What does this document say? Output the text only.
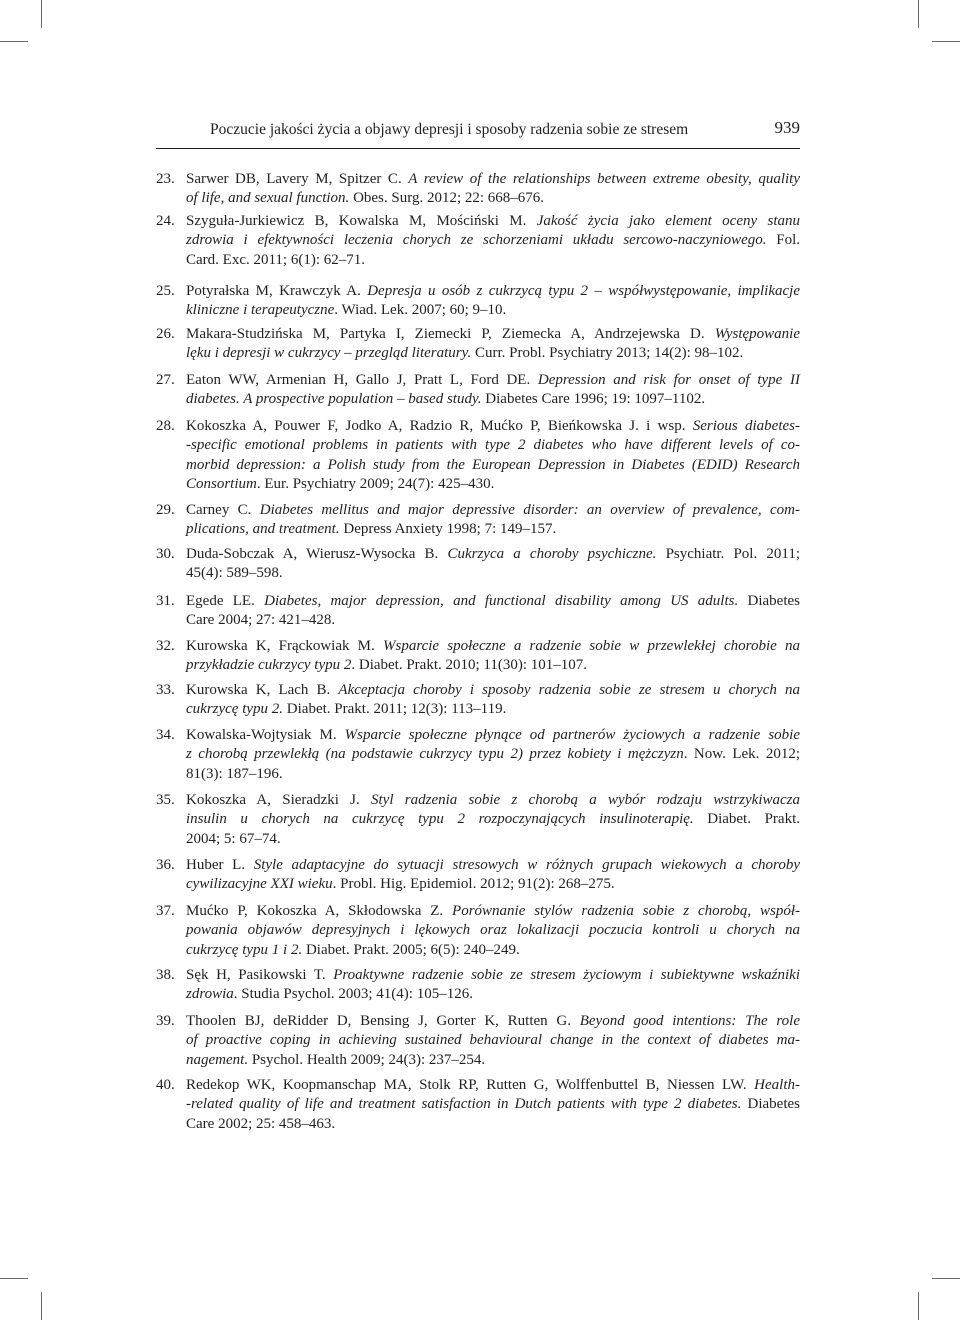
Poczucie jakości życia a objawy depresji i sposoby radzenia sobie ze stresem	939
23. Sarwer DB, Lavery M, Spitzer C. A review of the relationships between extreme obesity, quality
of life, and sexual function. Obes. Surg. 2012; 22: 668–676.
24. Szyguła-Jurkiewicz B, Kowalska M, Mościński M. Jakość życia jako element oceny stanu
zdrowia i efektywności leczenia chorych ze schorzeniami układu sercowo-naczyniowego. Fol.
Card. Exc. 2011; 6(1): 62–71.
25. Potyrałska M, Krawczyk A. Depresja u osób z cukrzycą typu 2 – współwystępowanie, implikacje
kliniczne i terapeutyczne. Wiad. Lek. 2007; 60; 9–10.
26. Makara-Studzińska M, Partyka I, Ziemecki P, Ziemecka A, Andrzejewska D. Występowanie
lęku i depresji w cukrzycy – przegląd literatury. Curr. Probl. Psychiatry 2013; 14(2): 98–102.
27. Eaton WW, Armenian H, Gallo J, Pratt L, Ford DE. Depression and risk for onset of type II
diabetes. A prospective population – based study. Diabetes Care 1996; 19: 1097–1102.
28. Kokoszka A, Pouwer F, Jodko A, Radzio R, Mućko P, Bieńkowska J. i wsp. Serious diabetes-
-specific emotional problems in patients with type 2 diabetes who have different levels of co-
morbid depression: a Polish study from the European Depression in Diabetes (EDID) Research
Consortium. Eur. Psychiatry 2009; 24(7): 425–430.
29. Carney C. Diabetes mellitus and major depressive disorder: an overview of prevalence, com-
plications, and treatment. Depress Anxiety 1998; 7: 149–157.
30. Duda-Sobczak A, Wierusz-Wysocka B. Cukrzyca a choroby psychiczne. Psychiatr. Pol. 2011;
45(4): 589–598.
31. Egede LE. Diabetes, major depression, and functional disability among US adults. Diabetes
Care 2004; 27: 421–428.
32. Kurowska K, Frąckowiak M. Wsparcie społeczne a radzenie sobie w przewlekłej chorobie na
przykładzie cukrzycy typu 2. Diabet. Prakt. 2010; 11(30): 101–107.
33. Kurowska K, Lach B. Akceptacja choroby i sposoby radzenia sobie ze stresem u chorych na
cukrzycę typu 2. Diabet. Prakt. 2011; 12(3): 113–119.
34. Kowalska-Wojtysiak M. Wsparcie społeczne płynące od partnerów życiowych a radzenie sobie
z chorobą przewlekłą (na podstawie cukrzycy typu 2) przez kobiety i mężczyzn. Now. Lek. 2012;
81(3): 187–196.
35. Kokoszka A, Sieradzki J. Styl radzenia sobie z chorobą a wybór rodzaju wstrzykiwacza
insulin u chorych na cukrzycę typu 2 rozpoczynających insulinoterapię. Diabet. Prakt.
2004; 5: 67–74.
36. Huber L. Style adaptacyjne do sytuacji stresowych w różnych grupach wiekowych a choroby
cywilizacyjne XXI wieku. Probl. Hig. Epidemiol. 2012; 91(2): 268–275.
37. Mućko P, Kokoszka A, Skłodowska Z. Porównanie stylów radzenia sobie z chorobą, współ-
powania objawów depresyjnych i lękowych oraz lokalizacji poczucia kontroli u chorych na
cukrzycę typu 1 i 2. Diabet. Prakt. 2005; 6(5): 240–249.
38. Sęk H, Pasikowski T. Proaktywne radzenie sobie ze stresem życiowym i subiektywne wskaźniki
zdrowia. Studia Psychol. 2003; 41(4): 105–126.
39. Thoolen BJ, deRidder D, Bensing J, Gorter K, Rutten G. Beyond good intentions: The role
of proactive coping in achieving sustained behavioural change in the context of diabetes ma-
nagement. Psychol. Health 2009; 24(3): 237–254.
40. Redekop WK, Koopmanschap MA, Stolk RP, Rutten G, Wolffenbuttel B, Niessen LW. Health-
-related quality of life and treatment satisfaction in Dutch patients with type 2 diabetes. Diabetes
Care 2002; 25: 458–463.
